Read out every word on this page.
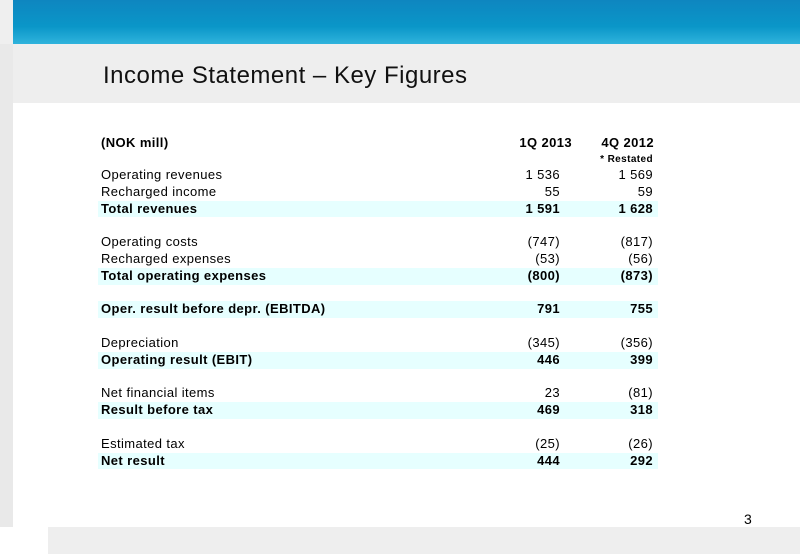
Income Statement – Key Figures
(NOK mill)	1Q 2013 4Q 2012
* Restated
Operating revenues	1 536	1 569
Recharged income	55	59
Total revenues	1 591	1 628
Operating costs	(747)	(817)
Recharged expenses	(53)	(56)
Total operating expenses	(800)	(873)
Oper. result before depr. (EBITDA)	791	755
Depreciation	(345)	(356)
Operating result (EBIT)	446	399
Net financial items	23	(81)
Result before tax	469	318
Estimated tax	(25)	(26)
Net result	444	292
3
